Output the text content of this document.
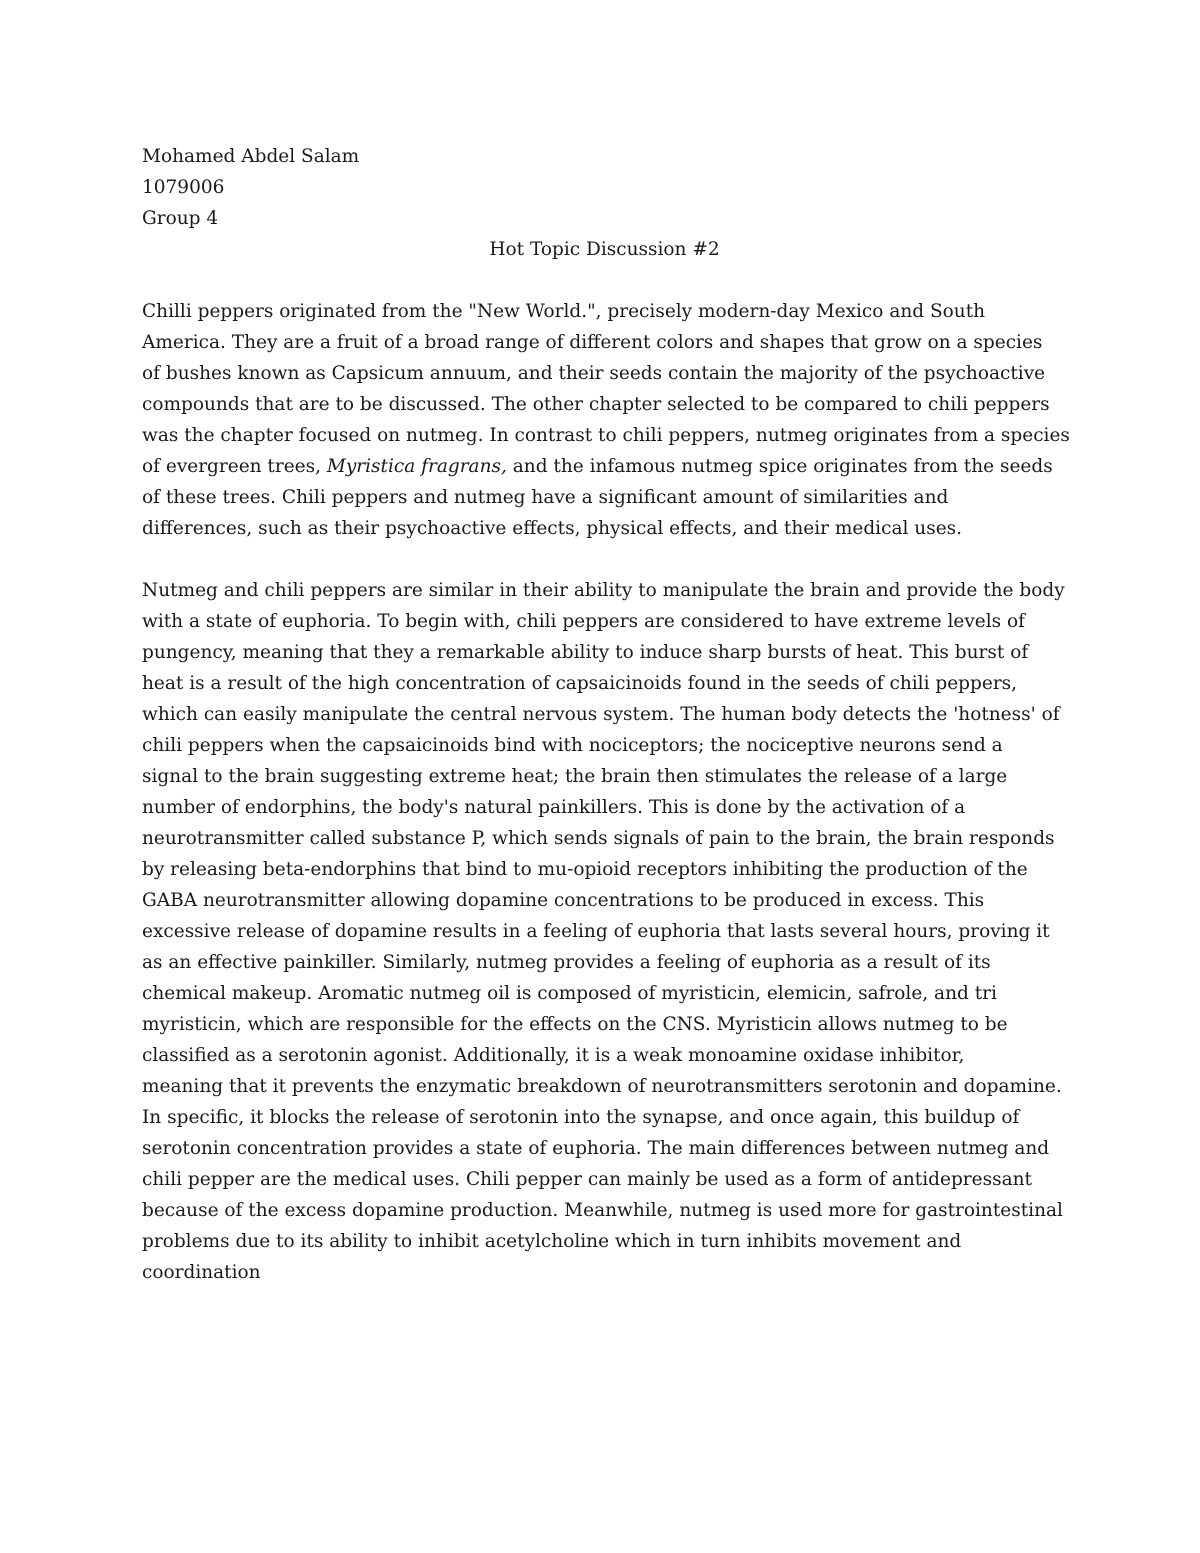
Mohamed Abdel Salam

1079006

Group 4

Hot Topic Discussion #2

Chilli peppers originated from the "New World.", precisely modern-day Mexico and South
America. They are a fruit of a broad range of different colors and shapes that grow on a species
of bushes known as Capsicum annuum, and their seeds contain the majority of the psychoactive
compounds that are to be discussed. The other chapter selected to be compared to chili peppers
was the chapter focused on nutmeg. In contrast to chili peppers, nutmeg originates from a species
of evergreen trees, Myristica fragrans, and the infamous nutmeg spice originates from the seeds
of these trees. Chili peppers and nutmeg have a significant amount of similarities and
differences, such as their psychoactive effects, physical effects, and their medical uses.
Nutmeg and chili peppers are similar in their ability to manipulate the brain and provide the body
with a state of euphoria. To begin with, chili peppers are considered to have extreme levels of
pungency, meaning that they a remarkable ability to induce sharp bursts of heat. This burst of
heat is a result of the high concentration of capsaicinoids found in the seeds of chili peppers,
which can easily manipulate the central nervous system. The human body detects the 'hotness' of
chili peppers when the capsaicinoids bind with nociceptors; the nociceptive neurons send a
signal to the brain suggesting extreme heat; the brain then stimulates the release of a large
number of endorphins, the body's natural painkillers. This is done by the activation of a
neurotransmitter called substance P, which sends signals of pain to the brain, the brain responds
by releasing beta-endorphins that bind to mu-opioid receptors inhibiting the production of the
GABA neurotransmitter allowing dopamine concentrations to be produced in excess. This
excessive release of dopamine results in a feeling of euphoria that lasts several hours, proving it
as an effective painkiller. Similarly, nutmeg provides a feeling of euphoria as a result of its
chemical makeup. Aromatic nutmeg oil is composed of myristicin, elemicin, safrole, and tri
myristicin, which are responsible for the effects on the CNS. Myristicin allows nutmeg to be
classified as a serotonin agonist. Additionally, it is a weak monoamine oxidase inhibitor,
meaning that it prevents the enzymatic breakdown of neurotransmitters serotonin and dopamine.
In specific, it blocks the release of serotonin into the synapse, and once again, this buildup of
serotonin concentration provides a state of euphoria. The main differences between nutmeg and
chili pepper are the medical uses. Chili pepper can mainly be used as a form of antidepressant
because of the excess dopamine production. Meanwhile, nutmeg is used more for gastrointestinal
problems due to its ability to inhibit acetylcholine which in turn inhibits movement and
coordination
